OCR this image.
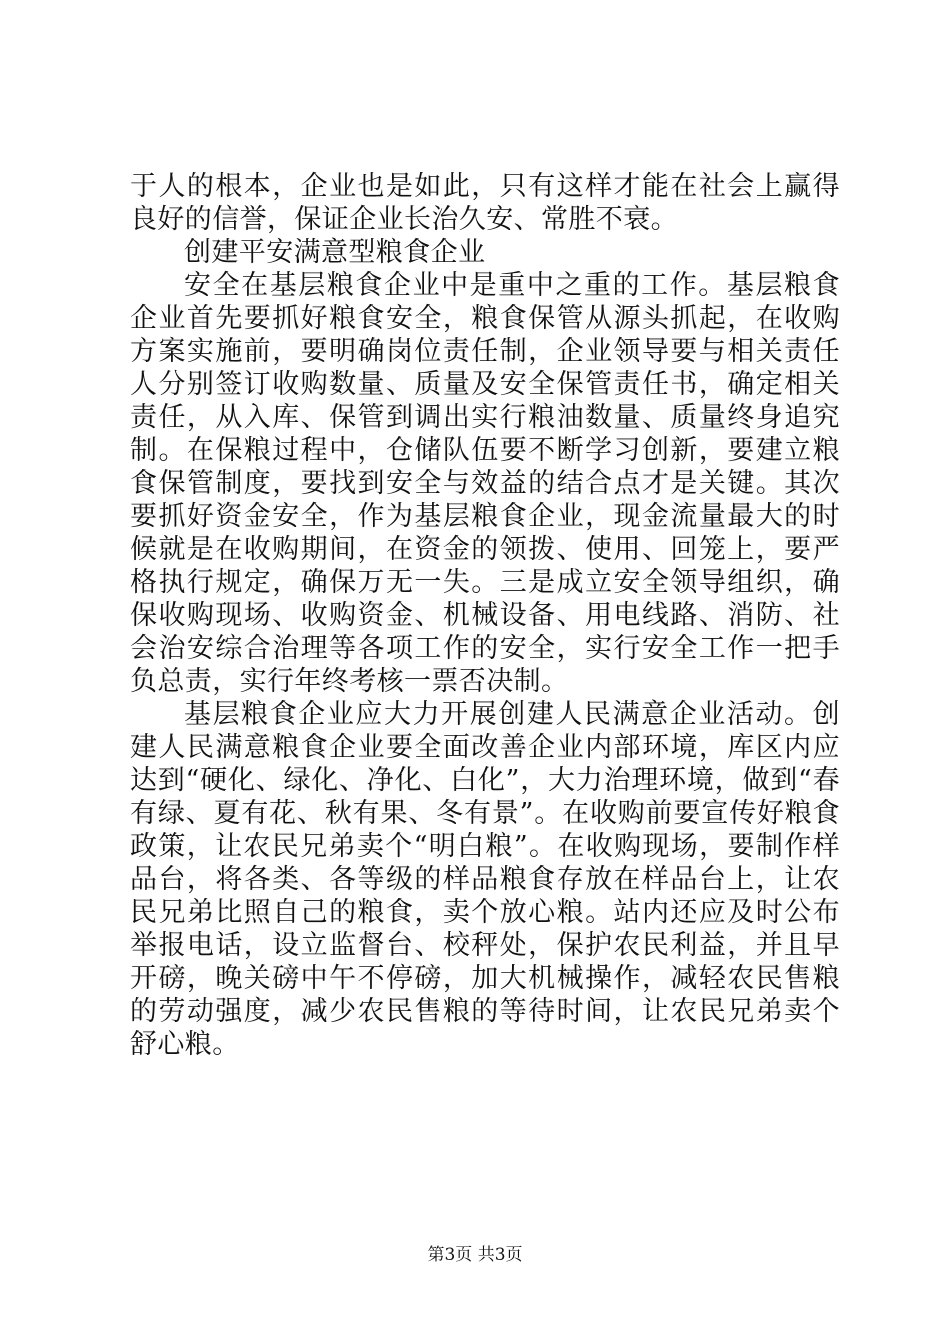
于人的根本，企业也是如此，只有这样才能在社会上赢得良好的信誉，保证企业长治久安、常胜不衰。

创建平安满意型粮食企业

安全在基层粮食企业中是重中之重的工作。基层粮食企业首先要抓好粮食安全，粮食保管从源头抓起，在收购方案实施前，要明确岗位责任制，企业领导要与相关责任人分别签订收购数量、质量及安全保管责任书，确定相关责任，从入库、保管到调出实行粮油数量、质量终身追究制。在保粮过程中，仓储队伍要不断学习创新，要建立粮食保管制度，要找到安全与效益的结合点才是关键。其次要抓好资金安全，作为基层粮食企业，现金流量最大的时候就是在收购期间，在资金的领拨、使用、回笼上，要严格执行规定，确保万无一失。三是成立安全领导组织，确保收购现场、收购资金、机械设备、用电线路、消防、社会治安综合治理等各项工作的安全，实行安全工作一把手负总责，实行年终考核一票否决制。

基层粮食企业应大力开展创建人民满意企业活动。创建人民满意粮食企业要全面改善企业内部环境，库区内应达到“硬化、绿化、净化、白化”，大力治理环境，做到“春有绿、夏有花、秋有果、冬有景”。在收购前要宣传好粮食政策，让农民兄弟卖个“明白粮”。在收购现场，要制作样品台，将各类、各等级的样品粮食存放在样品台上，让农民兄弟比照自己的粮食，卖个放心粮。站内还应及时公布举报电话，设立监督台、校秤处，保护农民利益，并且早开磅，晚关磅中午不停磅，加大机械操作，减轻农民售粮的劳动强度，减少农民售粮的等待时间，让农民兄弟卖个舒心粮。

第3页 共3页
